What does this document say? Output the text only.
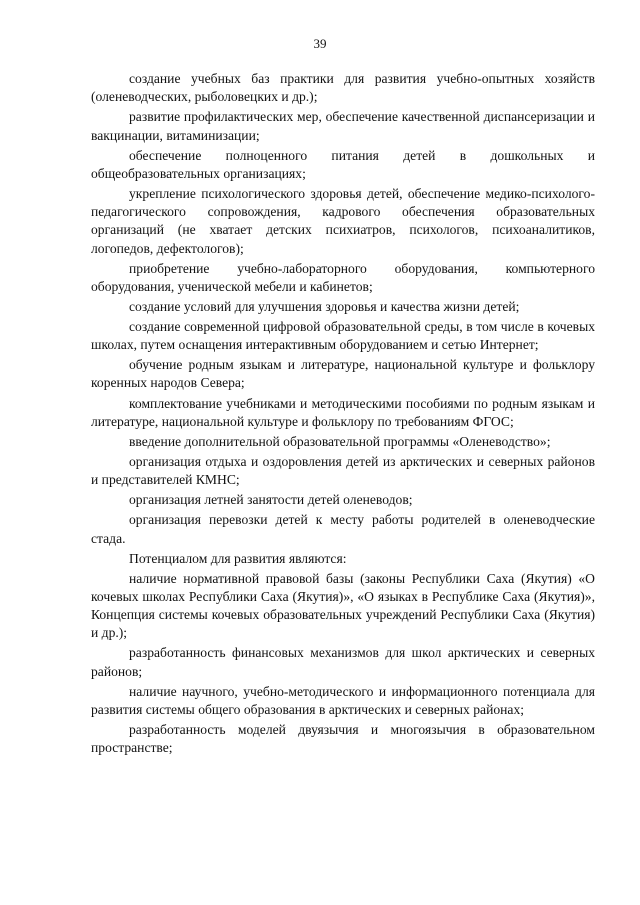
39

создание учебных баз практики для развития учебно-опытных хозяйств (оленеводческих, рыболовецких и др.);

развитие профилактических мер, обеспечение качественной диспансеризации и вакцинации, витаминизации;

обеспечение полноценного питания детей в дошкольных и общеобразовательных организациях;

укрепление психологического здоровья детей, обеспечение медико-психолого-педагогического сопровождения, кадрового обеспечения образовательных организаций (не хватает детских психиатров, психологов, психоаналитиков, логопедов, дефектологов);

приобретение учебно-лабораторного оборудования, компьютерного оборудования, ученической мебели и кабинетов;

создание условий для улучшения здоровья и качества жизни детей;

создание современной цифровой образовательной среды, в том числе в кочевых школах, путем оснащения интерактивным оборудованием и сетью Интернет;

обучение родным языкам и литературе, национальной культуре и фольклору коренных народов Севера;

комплектование учебниками и методическими пособиями по родным языкам и литературе, национальной культуре и фольклору по требованиям ФГОС;

введение дополнительной образовательной программы «Оленеводство»;

организация отдыха и оздоровления детей из арктических и северных районов и представителей КМНС;

организация летней занятости детей оленеводов;

организация перевозки детей к месту работы родителей в оленеводческие стада.

Потенциалом для развития являются:

наличие нормативной правовой базы (законы Республики Саха (Якутия) «О кочевых школах Республики Саха (Якутия)», «О языках в Республике Саха (Якутия)», Концепция системы кочевых образовательных учреждений Республики Саха (Якутия) и др.);

разработанность финансовых механизмов для школ арктических и северных районов;

наличие научного, учебно-методического и информационного потенциала для развития системы общего образования в арктических и северных районах;

разработанность моделей двуязычия и многоязычия в образовательном пространстве;
